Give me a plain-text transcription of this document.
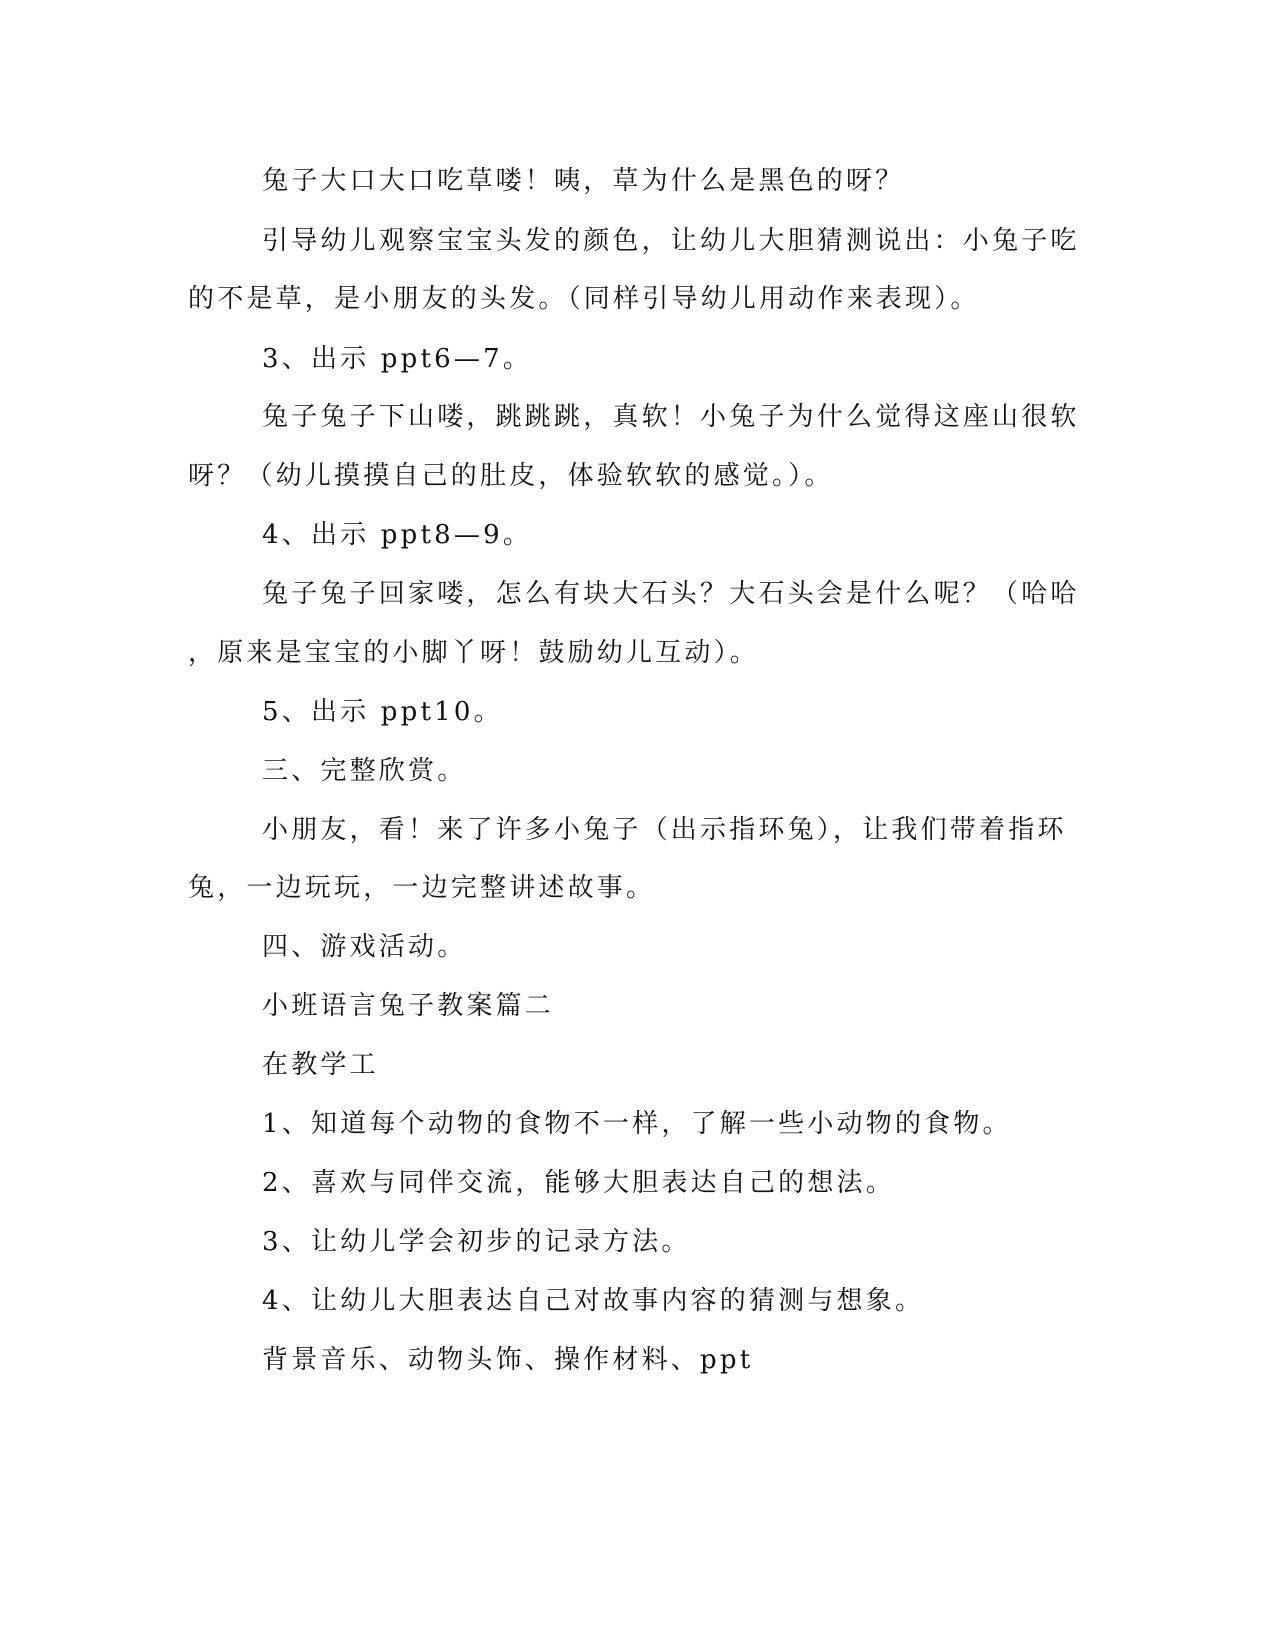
兔子大口大口吃草喽！咦，草为什么是黑色的呀？
引导幼儿观察宝宝头发的颜色，让幼儿大胆猜测说出：小兔子吃
的不是草，是小朋友的头发。（同样引导幼儿用动作来表现）。
3、出示 ppt6—7。
兔子兔子下山喽，跳跳跳，真软！小兔子为什么觉得这座山很软
呀？（幼儿摸摸自己的肚皮，体验软软的感觉。）。
4、出示 ppt8—9。
兔子兔子回家喽，怎么有块大石头？大石头会是什么呢？（哈哈
，原来是宝宝的小脚丫呀！鼓励幼儿互动）。
5、出示 ppt10。
三、完整欣赏。
小朋友，看！来了许多小兔子（出示指环兔），让我们带着指环
兔，一边玩玩，一边完整讲述故事。
四、游戏活动。
小班语言兔子教案篇二
在教学工
1、知道每个动物的食物不一样，了解一些小动物的食物。
2、喜欢与同伴交流，能够大胆表达自己的想法。
3、让幼儿学会初步的记录方法。
4、让幼儿大胆表达自己对故事内容的猜测与想象。
背景音乐、动物头饰、操作材料、ppt
